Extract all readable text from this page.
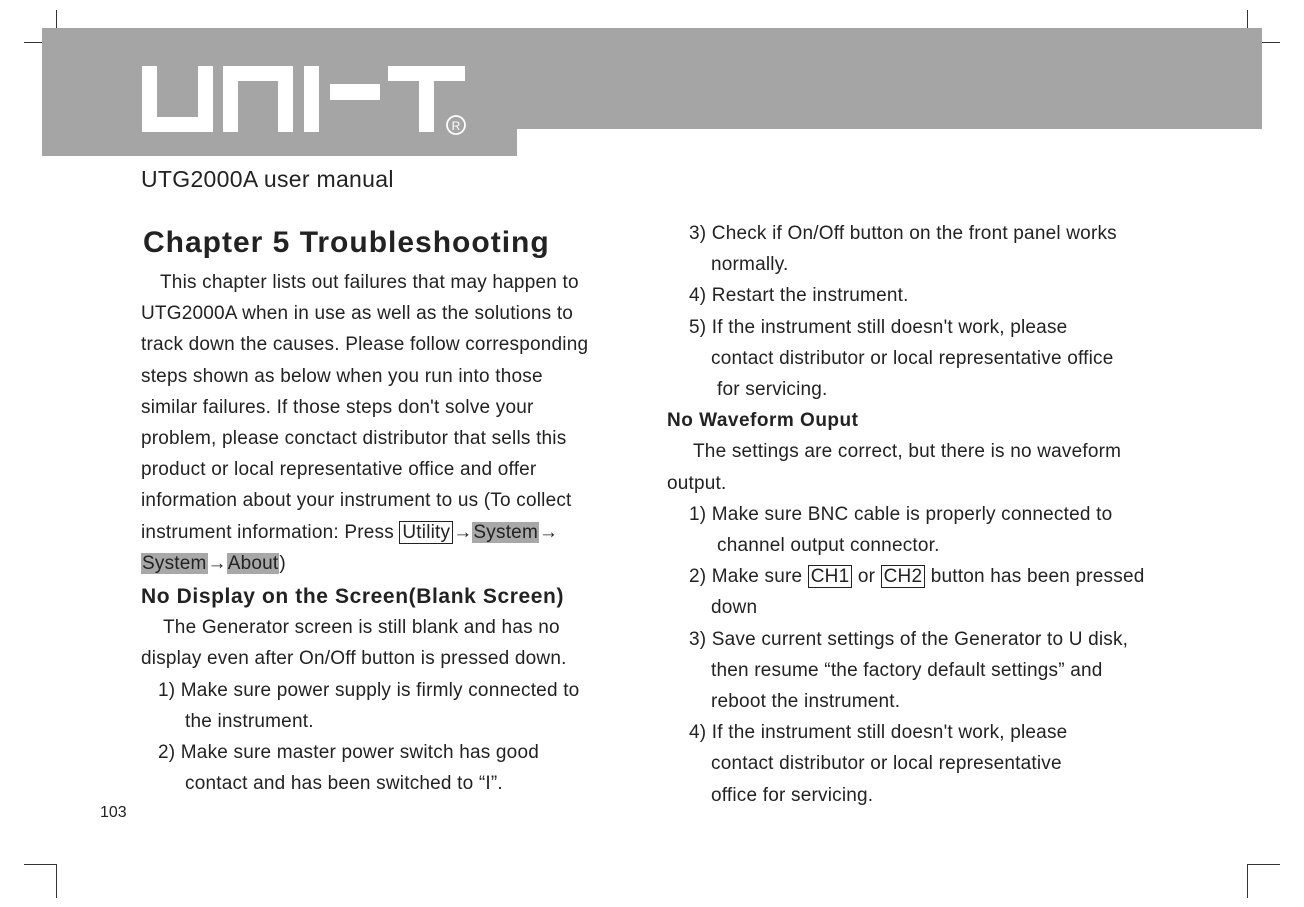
R
UTG2000A user manual
Chapter 5 Troubleshooting
This chapter lists out failures that may happen to
UTG2000A when in use as well as the solutions to
track down the causes. Please follow corresponding
steps shown as below when you run into those
similar failures. If those steps don't solve your
problem, please conctact distributor that sells this
product or local representative office and offer
information about your instrument to us (To collect
instrument information: Press Utility →System→
System→About)
No Display on the Screen(Blank Screen)
The Generator screen is still blank and has no
display even after On/Off button is pressed down.
1) Make sure power supply is firmly connected to
the instrument.
2) Make sure master power switch has good
contact and has been switched to “I”.
3) Check if On/Off button on the front panel works
normally.
4) Restart the instrument.
5) If the instrument still doesn't work, please
contact distributor or local representative office
for servicing.
No Waveform Ouput
The settings are correct, but there is no waveform
output.
1) Make sure BNC cable is properly connected to
channel output connector.
2) Make sure CH1 or CH2 button has been pressed
down
3) Save current settings of the Generator to U disk,
then resume “the factory default settings” and
reboot the instrument.
4) If the instrument still doesn't work, please
contact distributor or local representative
office for servicing.
103
